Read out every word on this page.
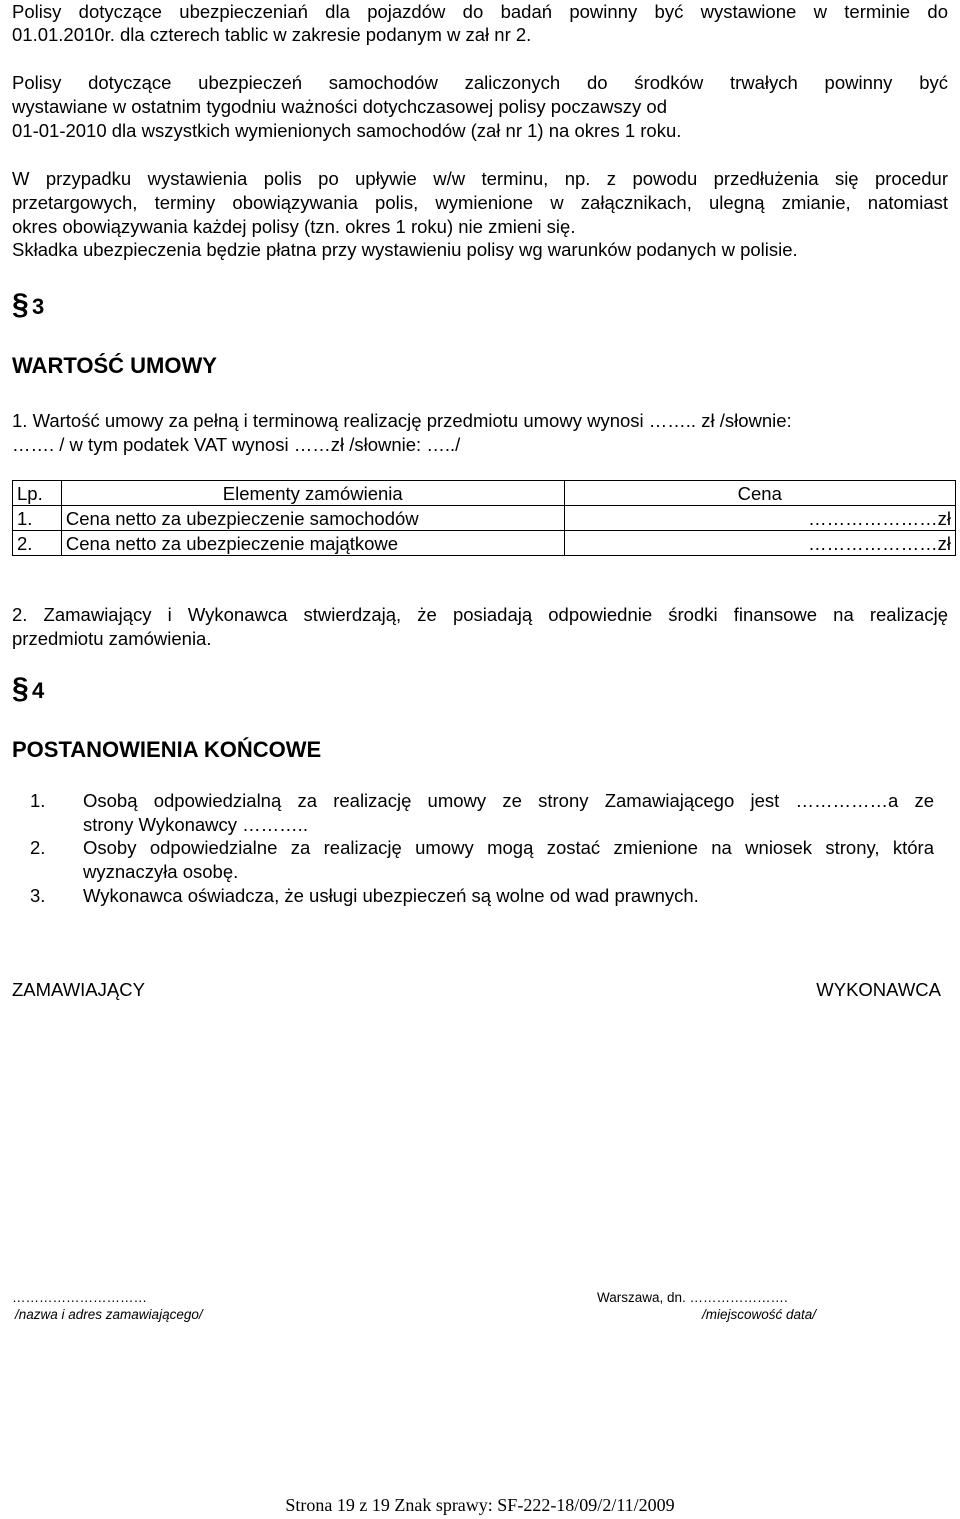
Polisy dotyczące ubezpieczeniań dla pojazdów do badań powinny być wystawione w terminie do
01.01.2010r. dla czterech tablic w zakresie podanym w zał nr 2.
Polisy dotyczące ubezpieczeń samochodów zaliczonych do środków trwałych powinny być
wystawiane w ostatnim tygodniu ważności dotychczasowej polisy poczawszy od
01-01-2010 dla wszystkich wymienionych samochodów (zał nr 1) na okres 1 roku.
W przypadku wystawienia polis po upływie w/w terminu, np. z powodu przedłużenia się procedur
przetargowych, terminy obowiązywania polis, wymienione w załącznikach, ulegną zmianie, natomiast
okres obowiązywania każdej polisy (tzn. okres 1 roku) nie zmieni się.
Składka ubezpieczenia będzie płatna przy wystawieniu polisy wg warunków podanych w polisie.
§ 3
WARTOŚĆ UMOWY
1. Wartość umowy za pełną i terminową realizację przedmiotu umowy wynosi …….. zł /słownie:
……. / w tym podatek VAT wynosi ……zł /słownie: …../
Lp.	Elementy zamówienia	Cena
1.	Cena netto za ubezpieczenie samochodów	…………………zł
2.	Cena netto za ubezpieczenie majątkowe	…………………zł
2. Zamawiający i Wykonawca stwierdzają, że posiadają odpowiednie środki finansowe na realizację
przedmiotu zamówienia.
§ 4
POSTANOWIENIA KOŃCOWE
1. Osobą odpowiedzialną za realizację umowy ze strony Zamawiającego jest ……………a ze
strony Wykonawcy ………..
2. Osoby odpowiedzialne za realizację umowy mogą zostać zmienione na wniosek strony, która
wyznaczyła osobę.
3. Wykonawca oświadcza, że usługi ubezpieczeń są wolne od wad prawnych.
ZAMAWIAJĄCY	WYKONAWCA
…………………………
/nazwa i adres zamawiającego/
Warszawa, dn. ………………….
/miejscowość data/
Strona 19 z 19 Znak sprawy: SF-222-18/09/2/11/2009
